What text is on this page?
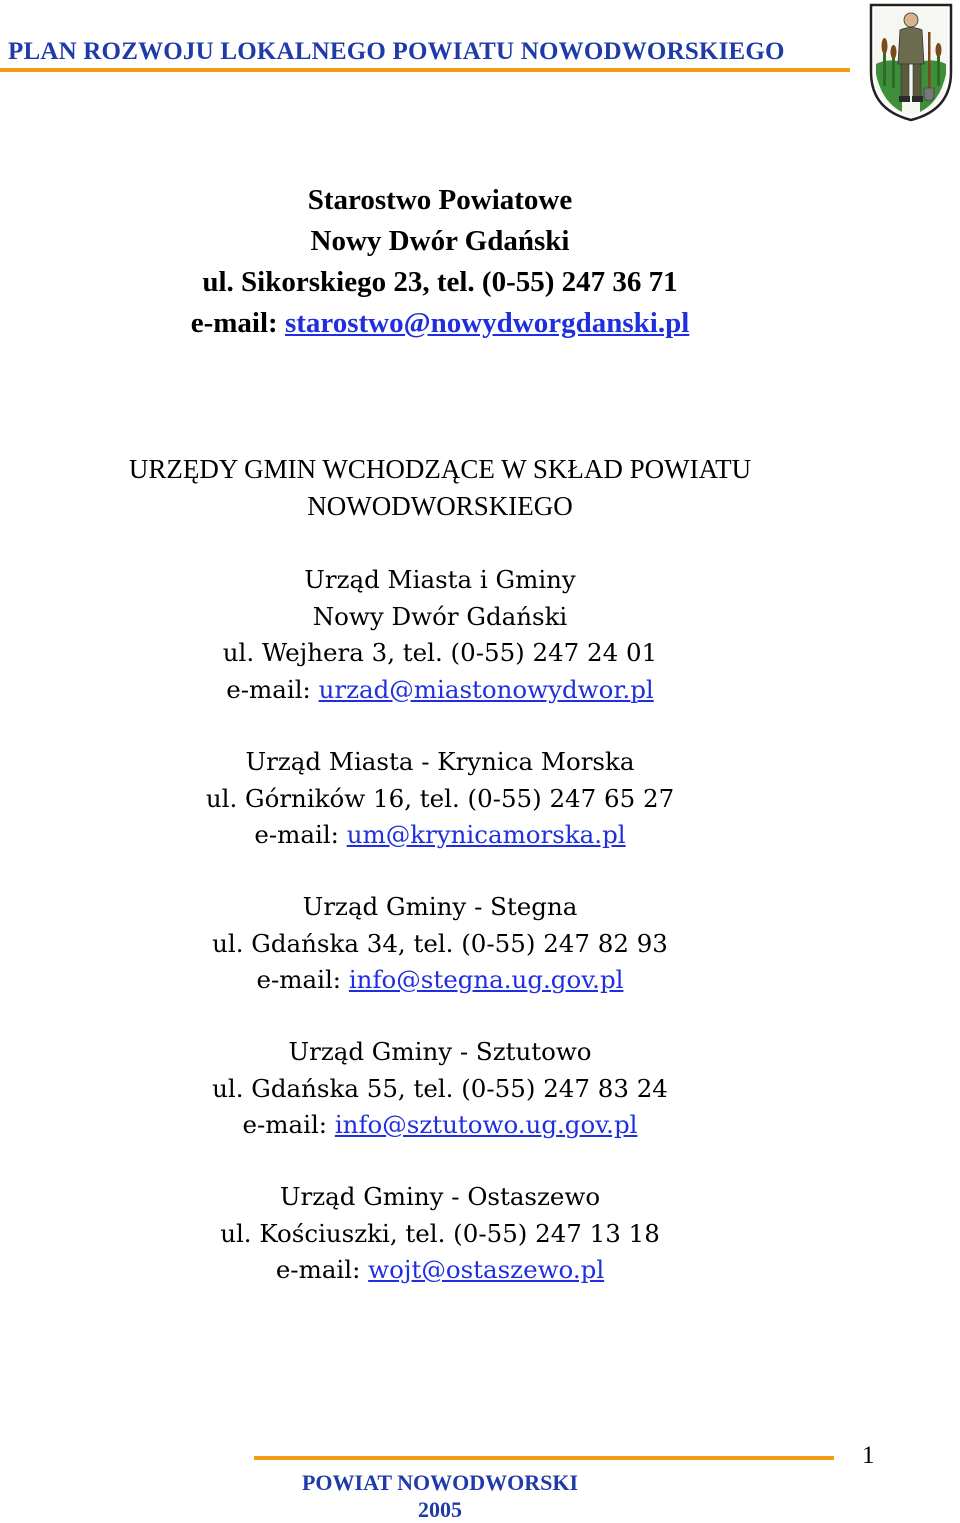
PLAN ROZWOJU LOKALNEGO POWIATU NOWODWORSKIEGO
Starostwo Powiatowe
Nowy Dwór Gdański
ul. Sikorskiego 23, tel. (0-55) 247 36 71
e-mail: starostwo@nowydworgdanski.pl
URZĘDY GMIN WCHODZĄCE W SKŁAD POWIATU
NOWODWORSKIEGO
Urząd Miasta i Gminy
Nowy Dwór Gdański
ul. Wejhera 3, tel. (0-55) 247 24 01
e-mail: urzad@miastonowydwor.pl
Urząd Miasta - Krynica Morska
ul. Górników 16, tel. (0-55) 247 65 27
e-mail: um@krynicamorska.pl
Urząd Gminy - Stegna
ul. Gdańska 34, tel. (0-55) 247 82 93
e-mail: info@stegna.ug.gov.pl
Urząd Gminy - Sztutowo
ul. Gdańska 55, tel. (0-55) 247 83 24
e-mail: info@sztutowo.ug.gov.pl
Urząd Gminy - Ostaszewo
ul. Kościuszki, tel. (0-55) 247 13 18
e-mail: wojt@ostaszewo.pl
1
POWIAT NOWODWORSKI
2005
